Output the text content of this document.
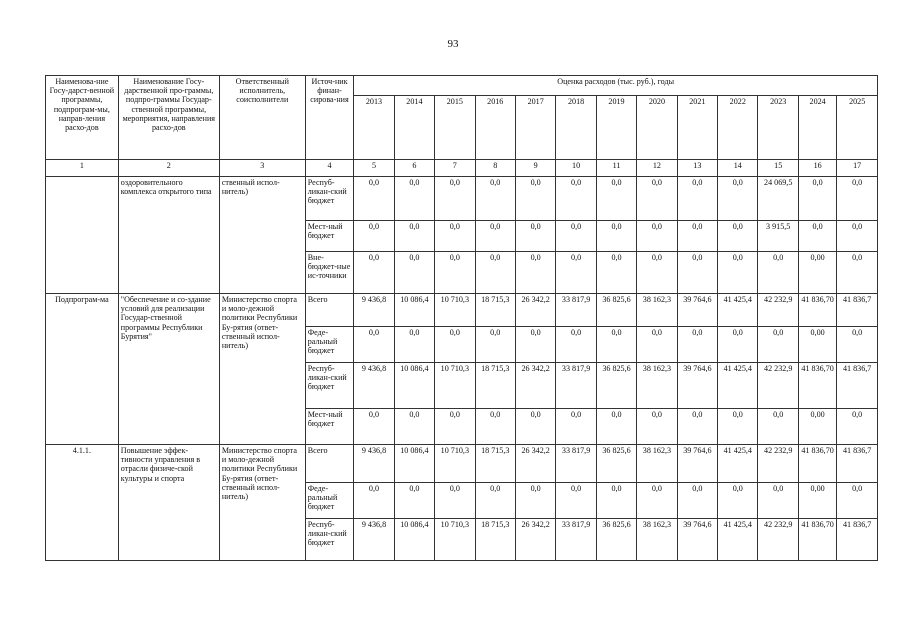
93
Наименова-ние Госу-дарст-венной программы, подпрограм-мы, направ-ления расхо-дов	Наименование Госу-дарственной про-граммы, подпро-граммы Государ-ственной программы, мероприятия, направления расхо-дов	Ответственный исполнитель, соисполнители	Источ-ник финан-сирова-ния	Оценка расходов (тыс. руб.), годы												
				2013	2014	2015	2016	2017	2018	2019	2020	2021	2022	2023	2024	2025
1	2	3	4	5	6	7	8	9	10	11	12	13	14	15	16	17
	оздоровительного комплекса открытого типа	ственный испол-нитель)	Респуб-ликан-ский бюджет	0,0	0,0	0,0	0,0	0,0	0,0	0,0	0,0	0,0	0,0	24 069,5	0,0	0,0
			Мест-ный бюджет	0,0	0,0	0,0	0,0	0,0	0,0	0,0	0,0	0,0	0,0	3 915,5	0,0	0,0
			Вне-бюджет-ные ис-точники	0,0	0,0	0,0	0,0	0,0	0,0	0,0	0,0	0,0	0,0	0,0	0,00	0,0
Подпрограм-ма	"Обеспечение и со-здание условий для реализации Государ-ственной программы Республики Бурятия"	Министерство спорта и моло-дежной политики Республики Бу-рятия (ответ-ственный испол-нитель)	Всего	9 436,8	10 086,4	10 710,3	18 715,3	26 342,2	33 817,9	36 825,6	38 162,3	39 764,6	41 425,4	42 232,9	41 836,70	41 836,7
			Феде-ральный бюджет	0,0	0,0	0,0	0,0	0,0	0,0	0,0	0,0	0,0	0,0	0,0	0,00	0,0
			Респуб-ликан-ский бюджет	9 436,8	10 086,4	10 710,3	18 715,3	26 342,2	33 817,9	36 825,6	38 162,3	39 764,6	41 425,4	42 232,9	41 836,70	41 836,7
			Мест-ный бюджет	0,0	0,0	0,0	0,0	0,0	0,0	0,0	0,0	0,0	0,0	0,0	0,00	0,0
4.1.1.	Повышение эффек-тивности управления в отрасли физиче-ской культуры и спорта	Министерство спорта и моло-дежной политики Республики Бу-рятия (ответ-ственный испол-нитель)	Всего	9 436,8	10 086,4	10 710,3	18 715,3	26 342,2	33 817,9	36 825,6	38 162,3	39 764,6	41 425,4	42 232,9	41 836,70	41 836,7
			Феде-ральный бюджет	0,0	0,0	0,0	0,0	0,0	0,0	0,0	0,0	0,0	0,0	0,0	0,00	0,0
			Респуб-ликан-ский бюджет	9 436,8	10 086,4	10 710,3	18 715,3	26 342,2	33 817,9	36 825,6	38 162,3	39 764,6	41 425,4	42 232,9	41 836,70	41 836,7
